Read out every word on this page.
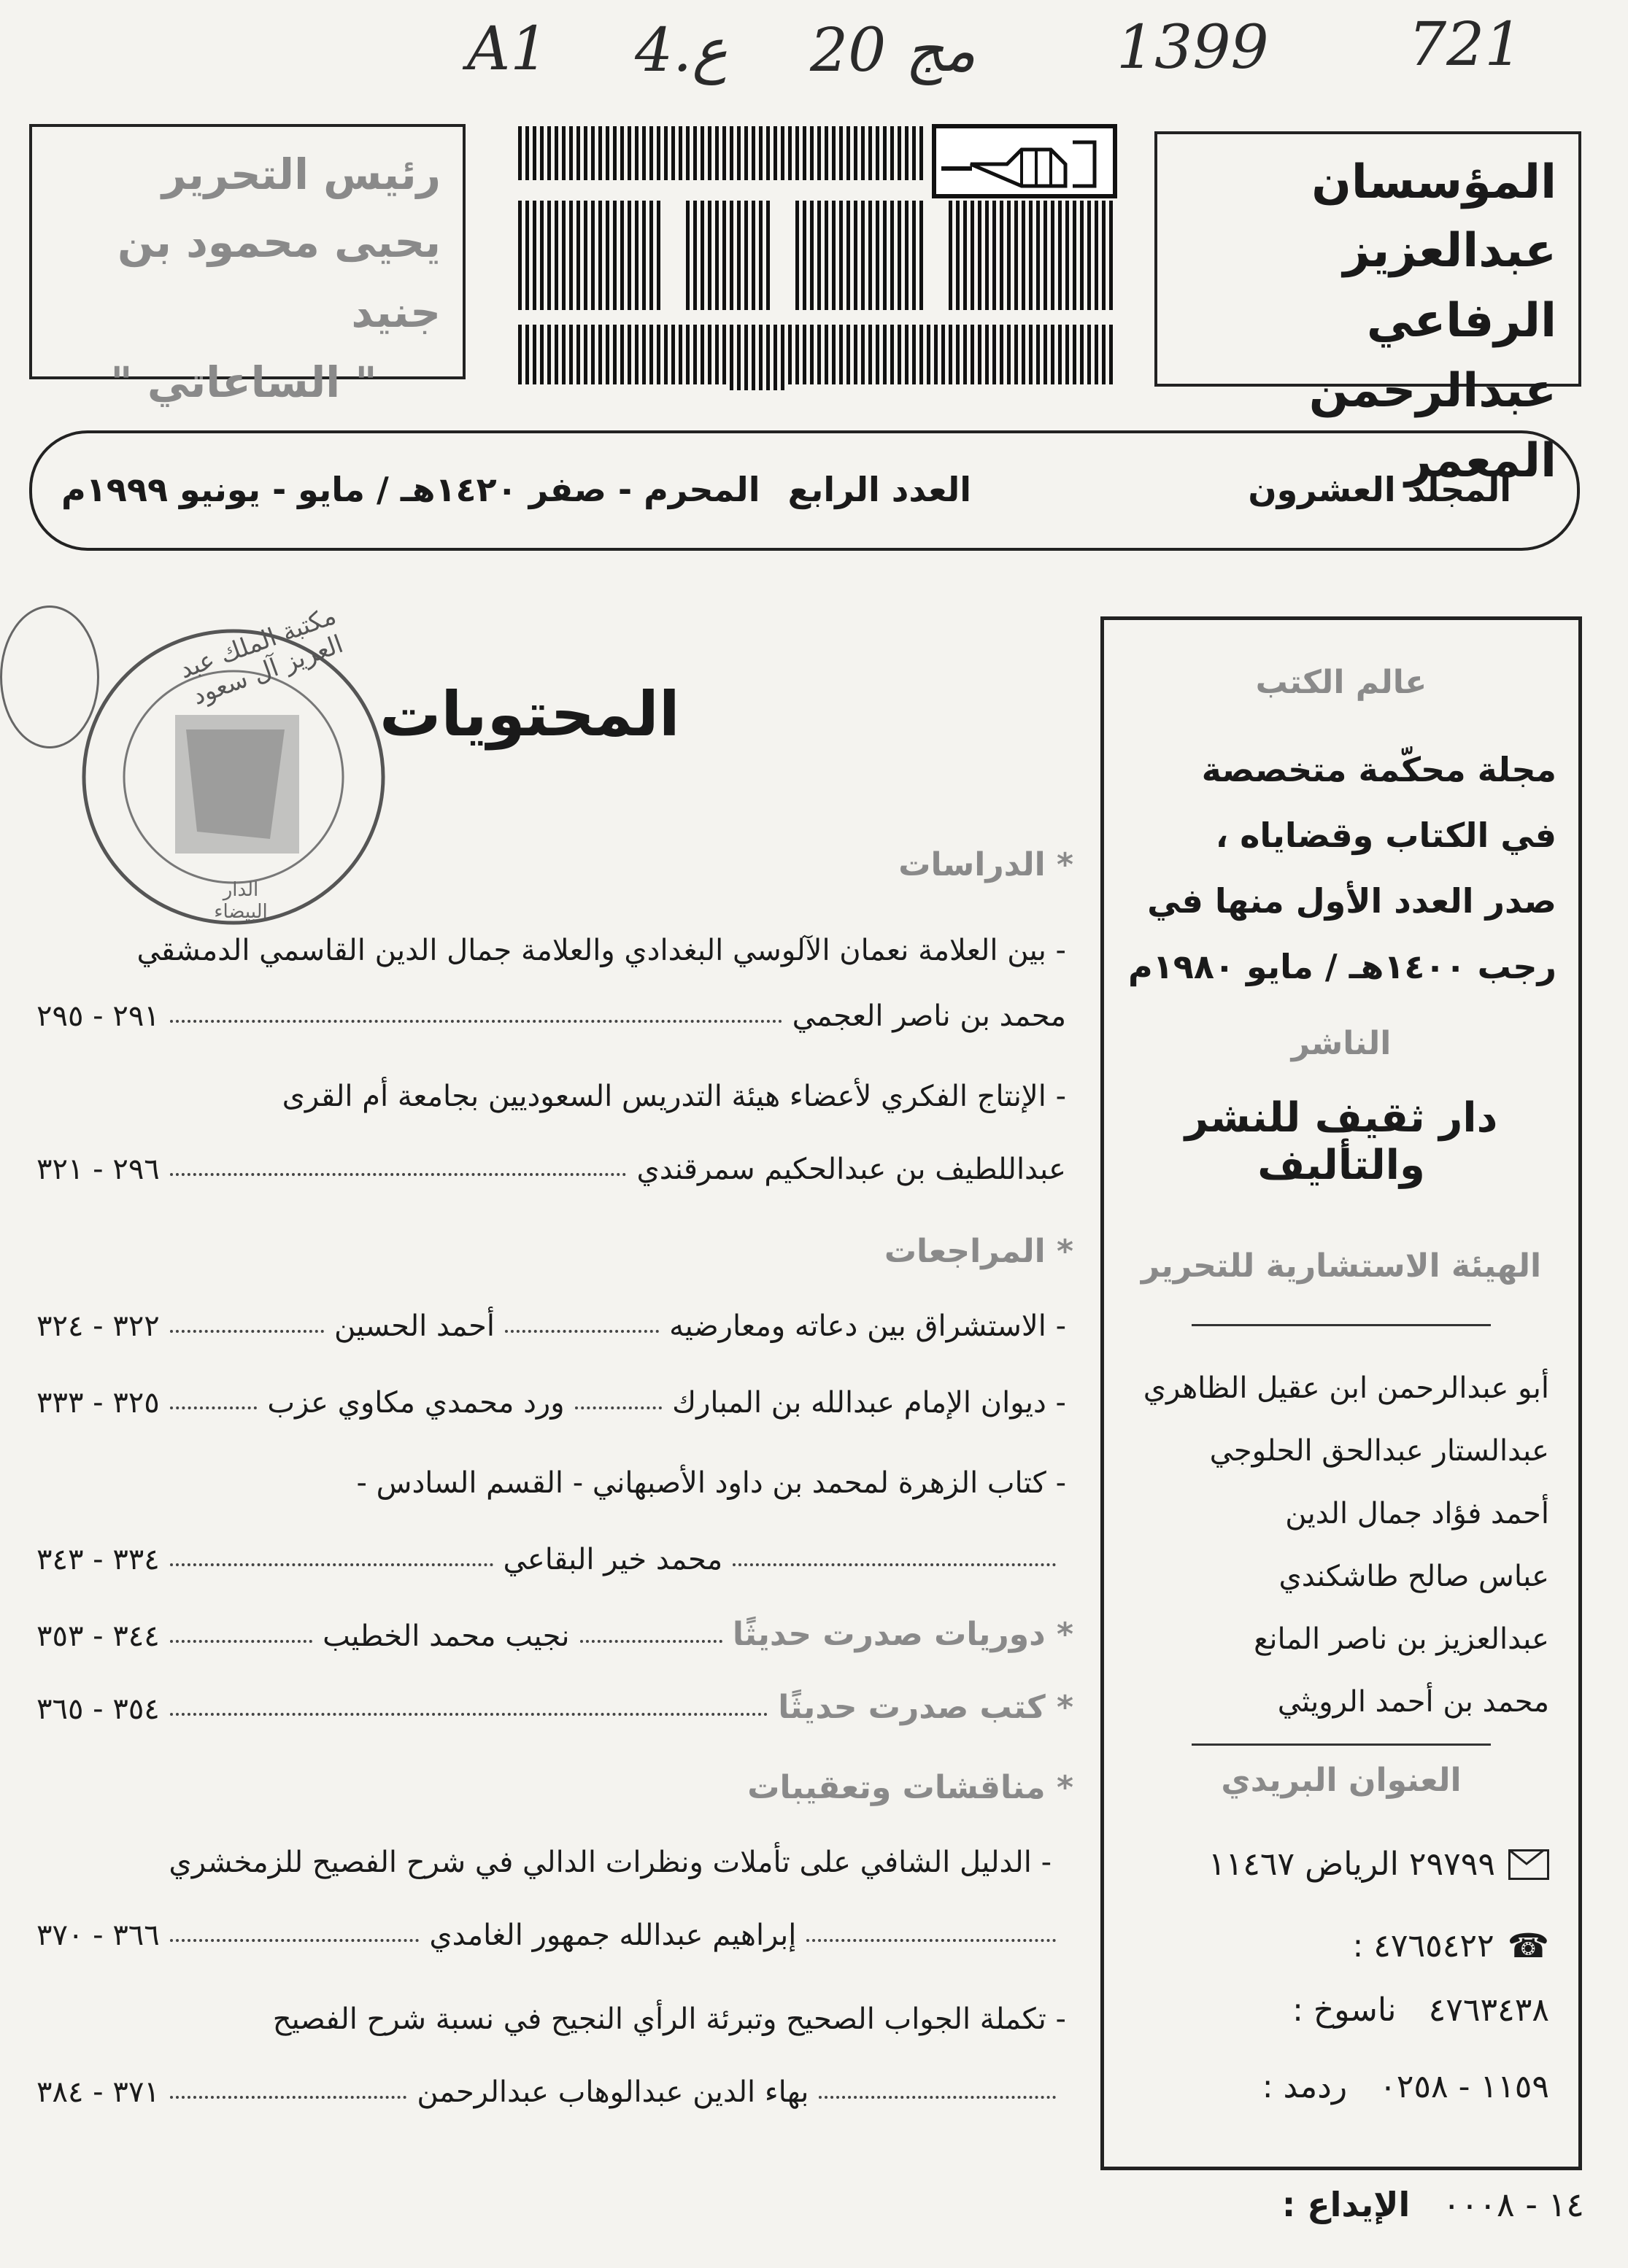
A1 4.ع 20 مج 1399 721
المؤسسان
عبدالعزيز الرفاعي
عبدالرحمن المعمر
رئيس التحرير
يحيى محمود بن جنيد
" الساعاتي "
المجلد العشرون
العدد الرابع
المحرم - صفر ١٤٢٠هـ / مايو - يونيو ١٩٩٩م
مكتبة الملك عبد العزيز آل سعود
الدار البيضاء
المحتويات
* الدراسات
- بين العلامة نعمان الآلوسي البغدادي والعلامة جمال الدين القاسمي الدمشقي
محمد بن ناصر العجمي
٢٩١ - ٢٩٥
- الإنتاج الفكري لأعضاء هيئة التدريس السعوديين بجامعة أم القرى
عبداللطيف بن عبدالحكيم سمرقندي
٢٩٦ - ٣٢١
* المراجعات
- الاستشراق بين دعاته ومعارضيه
أحمد الحسين
٣٢٢ - ٣٢٤
- ديوان الإمام عبدالله بن المبارك
ورد محمدي مكاوي عزب
٣٢٥ - ٣٣٣
- كتاب الزهرة لمحمد بن داود الأصبهاني - القسم السادس -
محمد خير البقاعي
٣٣٤ - ٣٤٣
* دوريات صدرت حديثًا
نجيب محمد الخطيب
٣٤٤ - ٣٥٣
* كتب صدرت حديثًا
٣٥٤ - ٣٦٥
* مناقشات وتعقيبات
- الدليل الشافي على تأملات ونظرات الدالي في شرح الفصيح للزمخشري
إبراهيم عبدالله جمهور الغامدي
٣٦٦ - ٣٧٠
- تكملة الجواب الصحيح وتبرئة الرأي النجيح في نسبة شرح الفصيح
بهاء الدين عبدالوهاب عبدالرحمن
٣٧١ - ٣٨٤
عالم الكتب
مجلة محكّمة متخصصة
في الكتاب وقضاياه ،
صدر العدد الأول منها في
رجب ١٤٠٠هـ / مايو ١٩٨٠م
الناشر
دار ثقيف للنشر والتأليف
الهيئة الاستشارية للتحرير
أبو عبدالرحمن ابن عقيل الظاهري
عبدالستار عبدالحق الحلوجي
أحمد فؤاد جمال الدين
عباس صالح طاشكندي
عبدالعزيز بن ناصر المانع
محمد بن أحمد الرويثي
العنوان البريدي
٢٩٧٩٩ الرياض ١١٤٦٧
☎
٤٧٦٥٤٢٢ :
٤٧٦٣٤٣٨ ناسوخ :
١١٥٩ - ٠٢٥٨ ردمد :
١٤ - ٠٠٠٨ الإيداع :
